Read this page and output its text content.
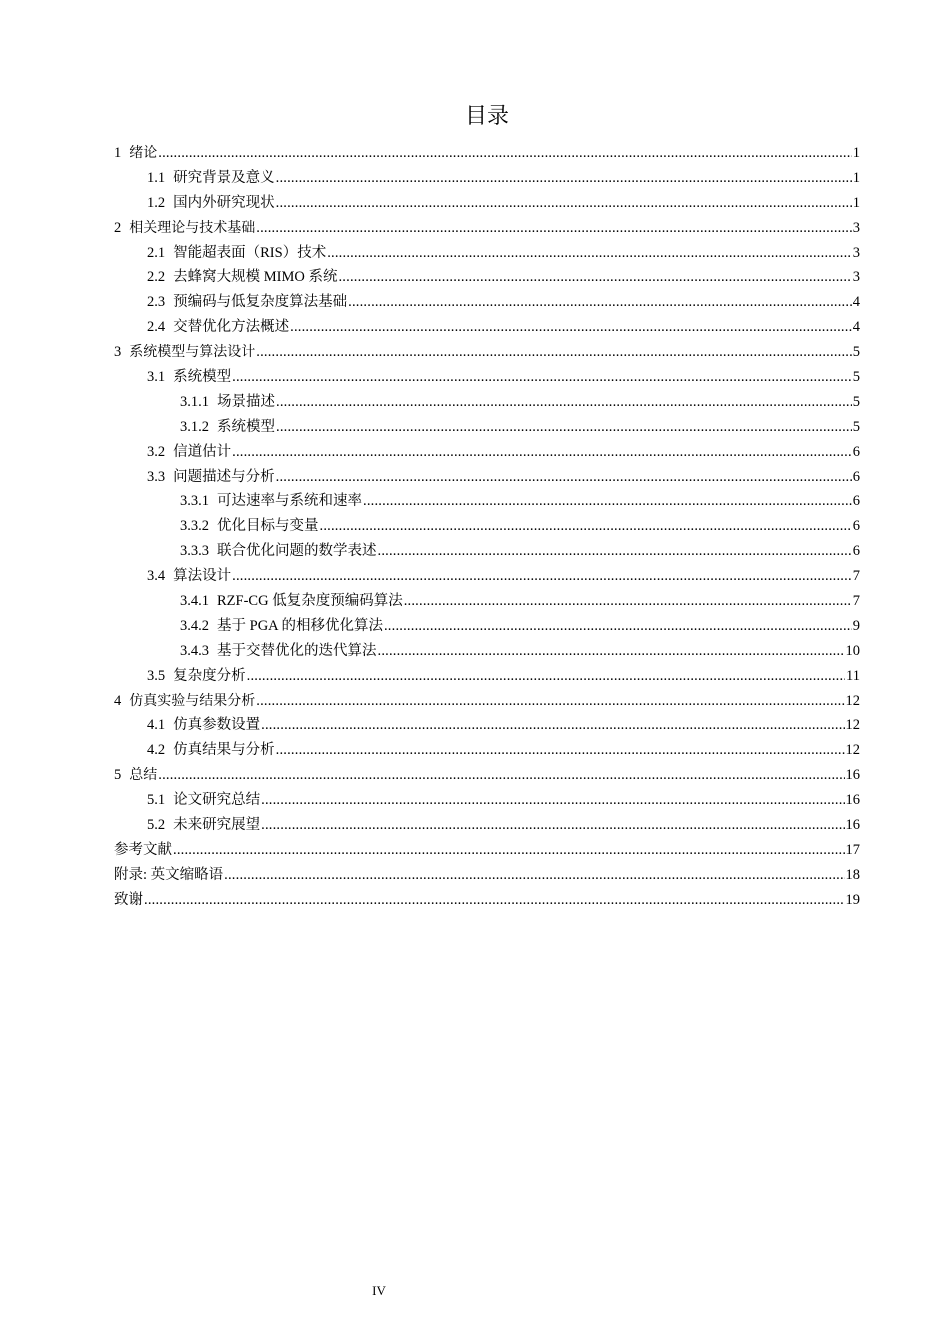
目录
1 绪论 .....	1
1.1 研究背景及意义 .....	1
1.2 国内外研究现状 .....	1
2 相关理论与技术基础 .....	3
2.1 智能超表面（RIS）技术 .....	3
2.2 去蜂窝大规模 MIMO 系统 .....	3
2.3 预编码与低复杂度算法基础 .....	4
2.4 交替优化方法概述 .....	4
3 系统模型与算法设计 .....	5
3.1 系统模型 .....	5
3.1.1 场景描述 .....	5
3.1.2 系统模型 .....	5
3.2 信道估计 .....	6
3.3 问题描述与分析 .....	6
3.3.1 可达速率与系统和速率 .....	6
3.3.2 优化目标与变量 .....	6
3.3.3 联合优化问题的数学表述 .....	6
3.4 算法设计 .....	7
3.4.1 RZF-CG 低复杂度预编码算法 .....	7
3.4.2 基于 PGA 的相移优化算法 .....	9
3.4.3 基于交替优化的迭代算法 .....	10
3.5 复杂度分析 .....	11
4 仿真实验与结果分析 .....	12
4.1 仿真参数设置 .....	12
4.2 仿真结果与分析 .....	12
5 总结 .....	16
5.1 论文研究总结 .....	16
5.2 未来研究展望 .....	16
参考文献 .....	17
附录: 英文缩略语 .....	18
致谢 .....	19
IV
